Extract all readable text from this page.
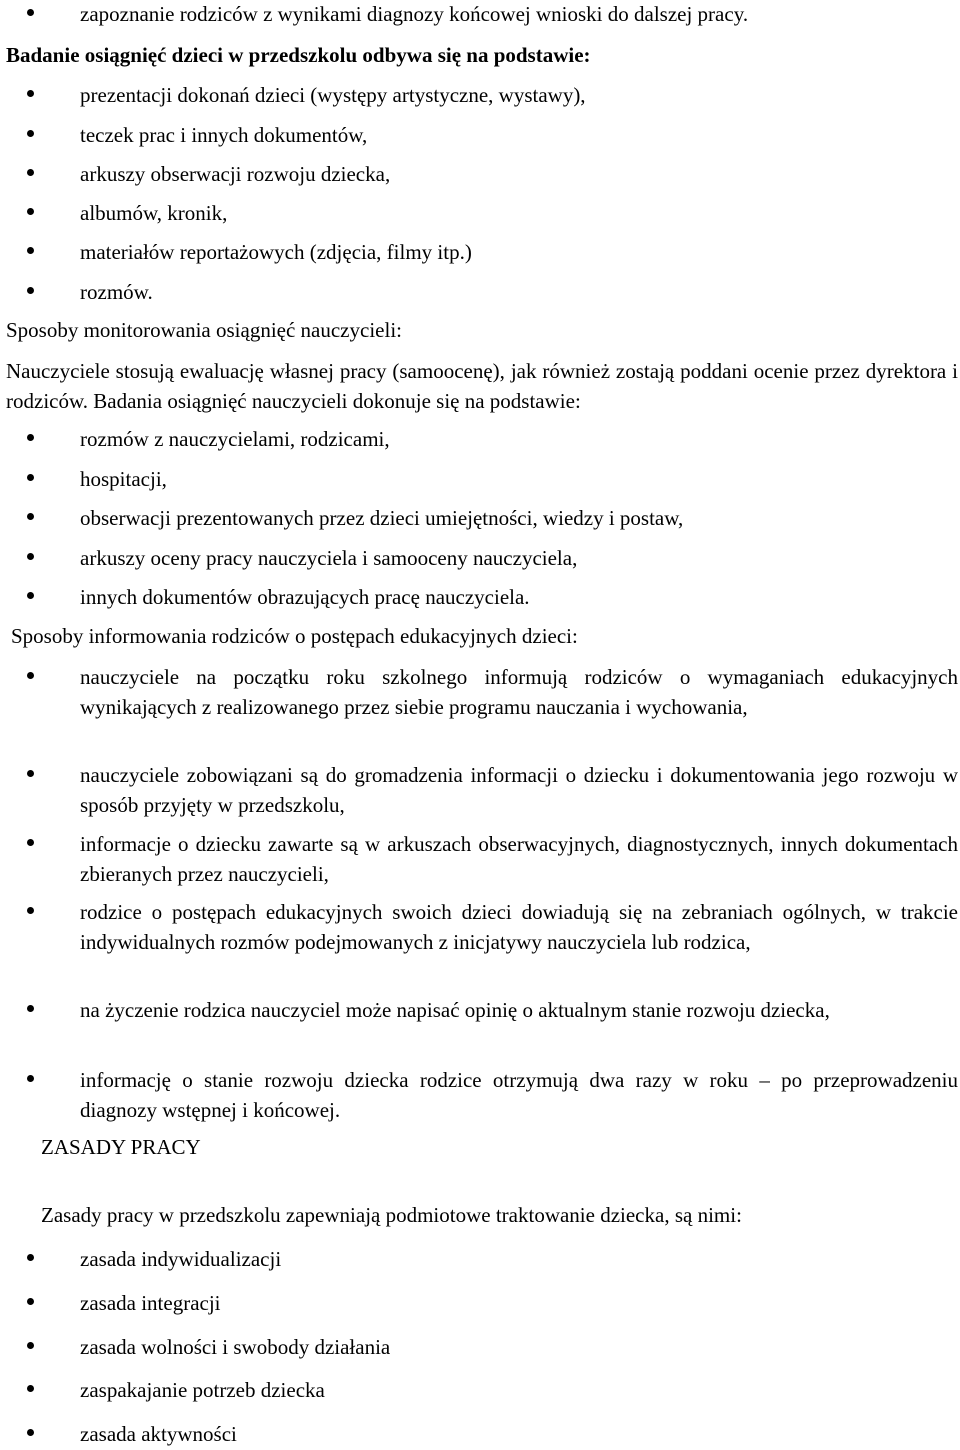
zapoznanie rodziców z wynikami diagnozy końcowej wnioski do dalszej pracy.
Badanie osiągnięć dzieci w przedszkolu odbywa się na podstawie:
prezentacji dokonań dzieci (występy artystyczne, wystawy),
teczek prac i innych dokumentów,
arkuszy obserwacji rozwoju dziecka,
albumów, kronik,
materiałów reportażowych (zdjęcia, filmy itp.)
rozmów.
Sposoby monitorowania osiągnięć nauczycieli:
Nauczyciele stosują ewaluację własnej pracy (samoocenę), jak również zostają poddani ocenie przez dyrektora i rodziców. Badania osiągnięć nauczycieli dokonuje się na podstawie:
rozmów z nauczycielami, rodzicami,
hospitacji,
obserwacji prezentowanych przez dzieci umiejętności, wiedzy i postaw,
arkuszy oceny pracy nauczyciela i samooceny nauczyciela,
innych dokumentów obrazujących pracę nauczyciela.
Sposoby informowania rodziców o postępach edukacyjnych dzieci:
nauczyciele na początku roku szkolnego informują rodziców o wymaganiach edukacyjnych wynikających z realizowanego przez siebie programu nauczania i wychowania,
nauczyciele zobowiązani są do gromadzenia informacji o dziecku i dokumentowania jego rozwoju w sposób przyjęty w przedszkolu,
informacje o dziecku zawarte są w arkuszach obserwacyjnych, diagnostycznych, innych dokumentach zbieranych przez nauczycieli,
rodzice o postępach edukacyjnych swoich dzieci dowiadują się na zebraniach ogólnych, w trakcie indywidualnych rozmów podejmowanych z inicjatywy nauczyciela lub rodzica,
na życzenie rodzica nauczyciel może napisać opinię o aktualnym stanie rozwoju dziecka,
informację o stanie rozwoju dziecka rodzice otrzymują dwa razy w roku – po przeprowadzeniu diagnozy wstępnej i końcowej.
ZASADY PRACY
Zasady pracy w przedszkolu zapewniają podmiotowe traktowanie dziecka, są nimi:
zasada indywidualizacji
zasada integracji
zasada wolności i swobody działania
zaspakajanie potrzeb dziecka
zasada aktywności
